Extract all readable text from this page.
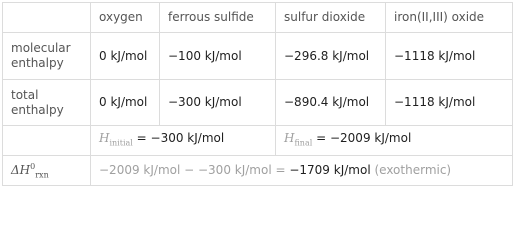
	oxygen	ferrous sulfide	sulfur dioxide	iron(II,III) oxide
molecular enthalpy	0 kJ/mol	−100 kJ/mol	−296.8 kJ/mol	−1118 kJ/mol
total enthalpy	0 kJ/mol	−300 kJ/mol	−890.4 kJ/mol	−1118 kJ/mol
	$H_{initial} = -300$ kJ/mol		$H_{final} = -2009$ kJ/mol	
$\Delta H^0_{rxn}$	−2009 kJ/mol − −300 kJ/mol = −1709 kJ/mol (exothermic)			
